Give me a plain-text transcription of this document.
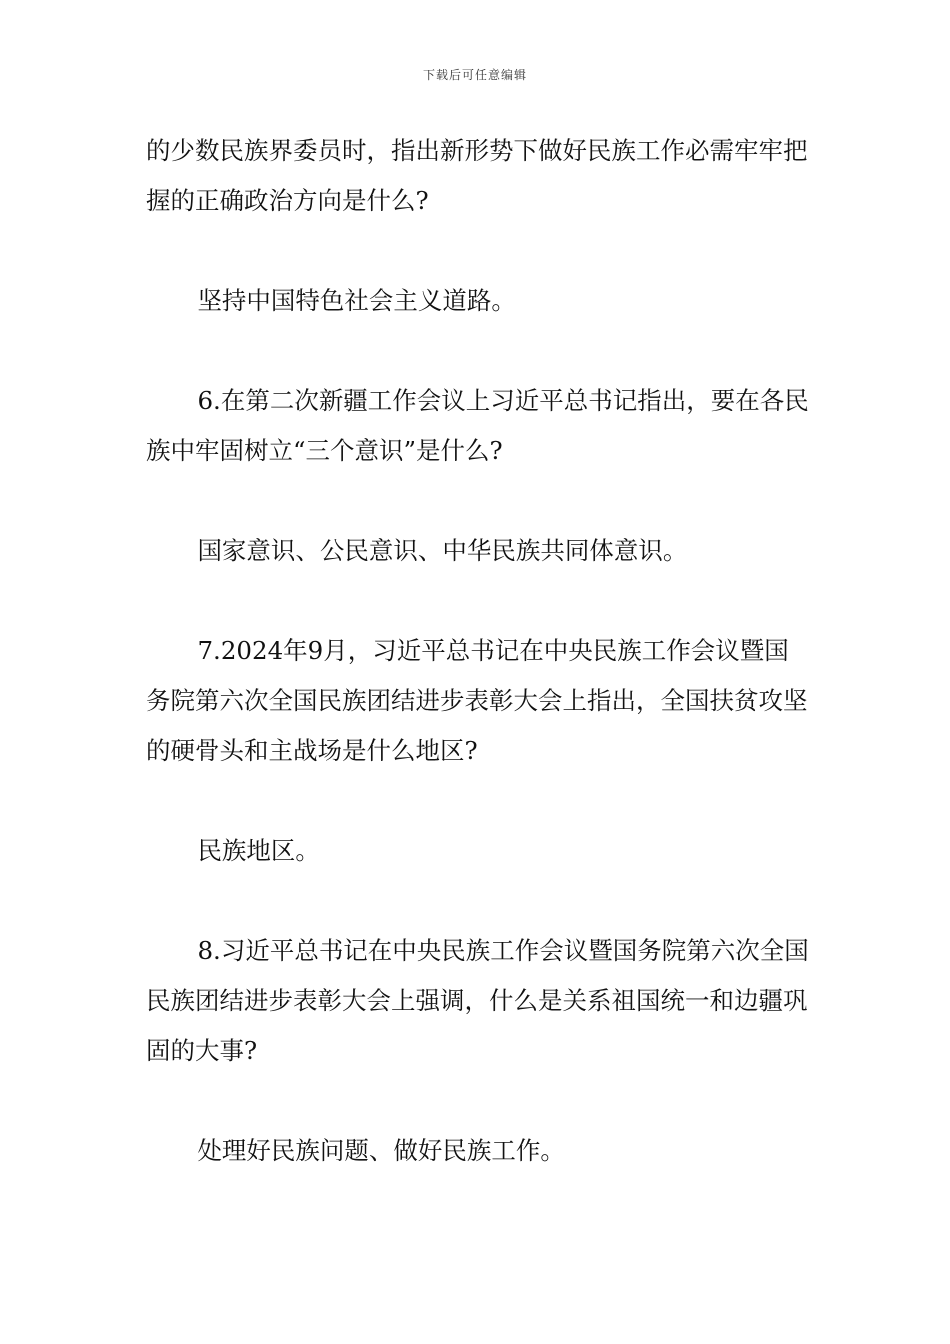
下载后可任意编辑

的少数民族界委员时，指出新形势下做好民族工作必需牢牢把握的正确政治方向是什么?

坚持中国特色社会主义道路。

6.在第二次新疆工作会议上习近平总书记指出，要在各民族中牢固树立“三个意识”是什么?

国家意识、公民意识、中华民族共同体意识。

7.2024年9月，习近平总书记在中央民族工作会议暨国务院第六次全国民族团结进步表彰大会上指出，全国扶贫攻坚的硬骨头和主战场是什么地区?

民族地区。

8.习近平总书记在中央民族工作会议暨国务院第六次全国民族团结进步表彰大会上强调，什么是关系祖国统一和边疆巩固的大事?

处理好民族问题、做好民族工作。
